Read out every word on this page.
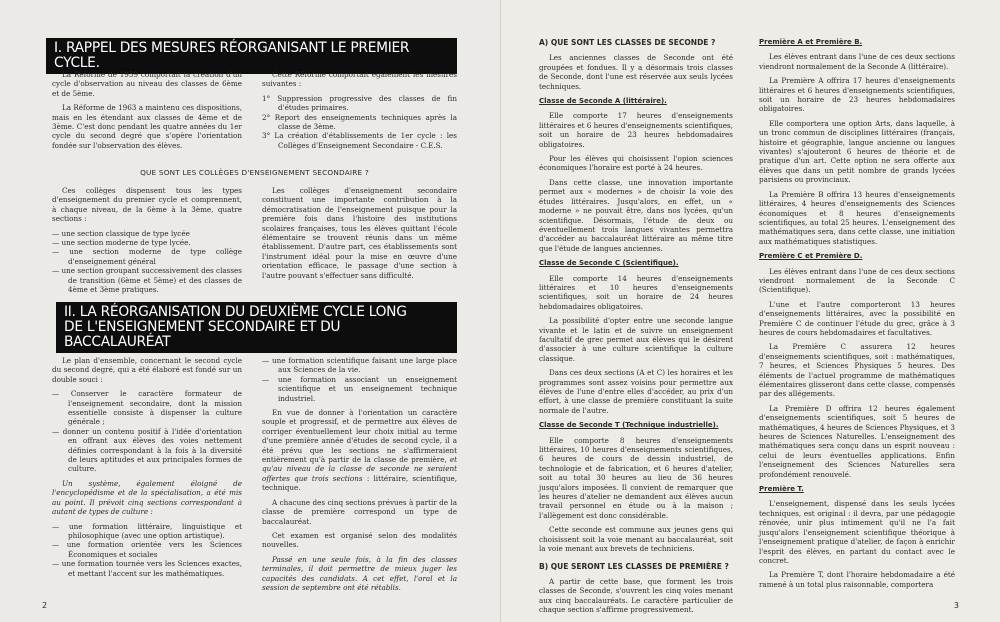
I. RAPPEL DES MESURES RÉORGANISANT LE PREMIER CYCLE.

La Réforme de 1959 comportait la création d'un cycle d'observation au niveau des classes de 6ème et de 5ème.

La Réforme de 1963 a maintenu ces dispositions, mais en les étendant aux classes de 4ème et de 3ème. C'est donc pendant les quatre années du 1er cycle du second degré que s'opère l'orientation fondée sur l'observation des élèves.

Cette Réforme comportait également les mesures suivantes :

1° Suppression progressive des classes de fin d'études primaires.
2° Report des enseignements techniques après la classe de 3ème.
3° La création d'établissements de 1er cycle : les Collèges d'Enseignement Secondaire - C.E.S.
QUE SONT LES COLLÈGES D'ENSEIGNEMENT SECONDAIRE ?

Ces collèges dispensent tous les types d'enseignement du premier cycle et comprennent, à chaque niveau, de la 6ème à la 3ème, quatre sections :

— une section classique de type lycée
— une section moderne de type lycée.
— une section moderne de type collège d'enseignement général
— une section groupant successivement des classes de transition (6ème et 5ème) et des classes de 4ème et 3ème pratiques.

Les collèges d'enseignement secondaire constituent une importante contribution à la démocratisation de l'enseignement puisque pour la première fois dans l'histoire des institutions scolaires françaises, tous les élèves quittant l'école élémentaire se trouvent réunis dans un même établissement. D'autre part, ces établissements sont l'instrument idéal pour la mise en œuvre d'une orientation efficace, le passage d'une section à l'autre pouvant s'effectuer sans difficulté.

II. LA RÉORGANISATION DU DEUXIÈME CYCLE LONG
DE L'ENSEIGNEMENT SECONDAIRE ET DU BACCALAURÉAT

Le plan d'ensemble, concernant le second cycle du second degré, qui a été élaboré est fondé sur un double souci :

— Conserver le caractère formateur de l'enseignement secondaire, dont la mission essentielle consiste à dispenser la culture générale ;
— donner un contenu positif à l'idée d'orientation en offrant aux élèves des voies nettement définies correspondant à la fois à la diversité de leurs aptitudes et aux principales formes de culture.

Un système, également éloigné de l'encyclopédisme et de la spécialisation, a été mis au point. Il prévoit cinq sections correspondant à autant de types de culture :

— une formation littéraire, linguistique et philosophique (avec une option artistique).
— une formation orientée vers les Sciences Économiques et sociales
— une formation tournée vers les Sciences exactes, et mettant l'accent sur les mathématiques.
— une formation scientifique faisant une large place aux Sciences de la vie.
— une formation associant un enseignement scientifique et un enseignement technique industriel.

En vue de donner à l'orientation un caractère souple et progressif, et de permettre aux élèves de corriger éventuellement leur choix initial au terme d'une première année d'études de second cycle, il a été prévu que les sections ne s'affirmeraient entièrement qu'à partir de la classe de première, et qu'au niveau de la classe de seconde ne seraient offertes que trois sections : littéraire, scientifique, technique.

A chacune des cinq sections prévues à partir de la classe de première correspond un type de baccalauréat.

Cet examen est organisé selon des modalités nouvelles.

Passé en une seule fois, à la fin des classes terminales, il doit permettre de mieux juger les capacités des candidats. A cet effet, l'oral et la session de septembre ont été rétablis.

2
A) QUE SONT LES CLASSES DE SECONDE ?

Les anciennes classes de Seconde ont été groupées et fondues. Il y a désormais trois classes de Seconde, dont l'une est réservée aux seuls lycées techniques.

Classe de Seconde A (littéraire).

Elle comporte 17 heures d'enseignements littéraires et 6 heures d'enseignements scientifiques, soit un horaire de 23 heures hebdomadaires obligatoires.

Pour les élèves qui choisissent l'opion sciences économiques l'horaire est porté à 24 heures.

Dans cette classe, une innovation importante permet aux « modernes » de choisir la voie des études littéraires. Jusqu'alors, en effet, un « moderne » ne pouvait être, dans nos lycées, qu'un scientifique. Désormais, l'étude de deux ou éventuellement trois langues vivantes permettra d'accéder au baccalauréat littéraire au même titre que l'étude de langues anciennes.

Classe de Seconde C (Scientifique).

Elle comporte 14 heures d'enseignements littéraires et 10 heures d'enseignements scientifiques, soit un horaire de 24 heures hebdomadaires obligatoires.

La possibilité d'opter entre une seconde langue vivante et le latin et de suivre un enseignement facultatif de grec permet aux élèves qui le désirent d'associer à une culture scientifique la culture classique.

Dans ces deux sections (A et C) les horaires et les programmes sont assez voisins pour permettre aux élèves de l'une d'entre elles d'accéder, au prix d'un effort, à une classe de première constituant la suite normale de l'autre.

Classe de Seconde T (Technique industrielle).

Elle comporte 8 heures d'enseignements littéraires, 10 heures d'enseignements scientifiques, 6 heures de cours de dessin industriel, de technologie et de fabrication, et 6 heures d'atelier, soit au total 30 heures au lieu de 36 heures jusqu'alors imposées. Il convient de remarquer que les heures d'atelier ne demandent aux élèves aucun travail personnel en étude ou à la maison ; l'allègement est donc considérable.

Cette seconde est commune aux jeunes gens qui choisissent soit la voie menant au baccalauréat, soit la voie menant aux brevets de techniciens.

B) QUE SERONT LES CLASSES DE PREMIÈRE ?

A partir de cette base, que forment les trois classes de Seconde, s'ouvrent les cinq voies menant aux cinq baccalauréats. Le caractère particulier de chaque section s'affirme progressivement.

Première A et Première B.

Les élèves entrant dans l'une de ces deux sections viendront normalement de la Seconde A (littéraire).

La Première A offrira 17 heures d'enseignements littéraires et 6 heures d'enseignements scientifiques, soit un horaire de 23 heures hebdomadaires obligatoires.

Elle comportera une option Arts, dans laquelle, à un tronc commun de disciplines littéraires (français, histoire et géographie, langue ancienne ou langues vivantes) s'ajouteront 6 heures de théorie et de pratique d'un art. Cette option ne sera offerte aux élèves que dans un petit nombre de grands lycées parisiens ou provinciaux.

La Première B offrira 13 heures d'enseignements littéraires, 4 heures d'enseignements des Sciences économiques et 8 heures d'enseignements scientifiques, au total 25 heures. L'enseignement des mathématiques sera, dans cette classe, une initiation aux mathématiques statistiques.

Première C et Première D.

Les élèves entrant dans l'une de ces deux sections viendront normalement de la Seconde C (Scientifique).

L'une et l'autre comporteront 13 heures d'enseignements littéraires, avec la possibilité en Première C de continuer l'étude du grec, grâce à 3 heures de cours hebdomadaires et facultatives.

La Première C assurera 12 heures d'enseignements scientifiques, soit : mathématiques, 7 heures, et Sciences Physiques 5 heures. Des éléments de l'actuel programme de mathématiques élémentaires glisseront dans cette classe, compensés par des allégements.

La Première D offrira 12 heures également d'enseignements scientifiques, soit 5 heures de mathématiques, 4 heures de Sciences Physiques, et 3 heures de Sciences Naturelles. L'enseignement des mathématiques sera conçu dans un esprit nouveau : celui de leurs éventuelles applications. Enfin l'enseignement des Sciences Naturelles sera profondément renouvelé.

Première T.

L'enseignement, dispensé dans les seuls lycées techniques, est original : il devra, par une pédagogie rénovée, unir plus intimement qu'il ne l'a fait jusqu'alors l'enseignement scientifique théorique à l'enseignement pratique d'atelier, de façon à enrichir l'esprit des élèves, en partant du contact avec le concret.

La Première T, dont l'horaire hebdomadaire a été ramené à un total plus raisonnable, comportera

3
